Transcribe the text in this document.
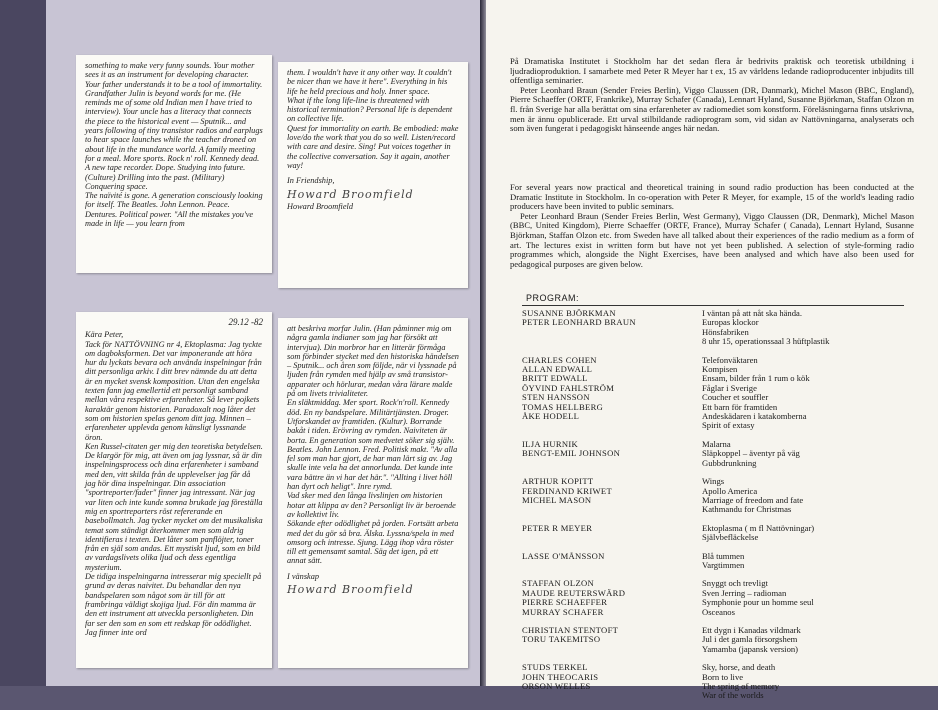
something to make very funny sounds. Your mother sees it as an instrument for developing character. Your father understands it to be a tool of immortality. Grandfather Julin is beyond words for me. (He reminds me of some old Indian men I have tried to interview). Your uncle has a literacy that connects the piece to the historical event — Sputnik... and years following of tiny transistor radios and earplugs to hear space launches while the teacher droned on about life in the mundance world. A family meeting for a meal. More sports. Rock n' roll. Kennedy dead. A new tape recorder. Dope. Studying into future. (Culture) Drilling into the past. (Military) Conquering space.

The naïvité is gone. A generation consciously looking for itself. The Beatles. John Lennon. Peace. Dentures. Political power. "All the mistakes you've made in life — you learn from

them. I wouldn't have it any other way. It couldn't be nicer than we have it here". Everything in his life he held precious and holy. Inner space.

What if the long life-line is threatened with historical termination? Personal life is dependent on collective life.

Quest for immortality on earth. Be embodied: make love/do the work that you do so well. Listen/record with care and desire. Sing! Put voices together in the collective conversation. Say it again, another way!

In Friendship,

Howard Broomfield

Howard Broomfield

29.12 -82

Kära Peter,

Tack för NATTÖVNING nr 4, Ektoplasma: Jag tyckte om dagboksformen. Det var imponerande att höra hur du lyckats bevara och använda inspelningar från ditt personliga arkiv. I ditt brev nämnde du att detta är en mycket svensk komposition. Utan den engelska texten fann jag emellertid ett personligt samband mellan våra respektive erfarenheter. Så lever pojkets karaktär genom historien. Paradoxalt nog låter det som om historien spelas genom ditt jag. Minnen – erfarenheter upplevda genom känsligt lyssnande öron.

Ken Russel-citaten ger mig den teoretiska betydelsen. De klargör för mig, att även om jag lyssnar, så är din inspelningsprocess och dina erfarenheter i samband med den, vitt skilda från de upplevelser jag får då jag hör dina inspelningar. Din association "sportreporter/fader" finner jag intressant. När jag var liten och inte kunde somna brukade jag föreställa mig en sportreporters röst refererande en basebollmatch. Jag tycker mycket om det musikaliska temat som ständigt återkommer men som aldrig identifieras i texten. Det låter som panflöjter, toner från en själ som andas. Ett mystiskt ljud, som en bild av vardagslivets olika ljud och dess egentliga mysterium.

De tidiga inspelningarna intresserar mig speciellt på grund av deras naivitet. Du behandlar den nya bandspelaren som något som är till för att frambringa väldigt skojiga ljud. För din mamma är den ett instrument att utveckla personligheten. Din far ser den som en som ett redskap för odödlighet. Jag finner inte ord

att beskriva morfar Julin. (Han påminner mig om några gamla indianer som jag har försökt att intervjua). Din morbror har en litterär förmåga som förbinder stycket med den historiska händelsen – Sputnik... och åren som följde, när vi lyssnade på ljuden från rymden med hjälp av små transistor-apparater och hörlurar, medan våra lärare malde på om livets trivialiteter.

En släktmiddag. Mer sport. Rock'n'roll. Kennedy död. En ny bandspelare. Militärtjänsten. Droger. Utforskandet av framtiden. (Kultur). Borrande bakåt i tiden. Erövring av rymden. Naiviteten är borta. En generation som medvetet söker sig själv. Beatles. John Lennon. Fred. Politisk makt. "Av alla fel som man har gjort, de har man lärt sig av. Jag skulle inte vela ha det annorlunda. Det kunde inte vara bättre än vi har det här.". "Allting i livet höll han dyrt och heligt". Inre rymd.

Vad sker med den långa livslinjen om historien hotar att klippa av den? Personligt liv är beroende av kollektivt liv.

Sökande efter odödlighet på jorden. Fortsätt arbeta med det du gör så bra. Älska. Lyssna/spela in med omsorg och intresse. Sjung. Lägg ihop våra röster till ett gemensamt samtal. Säg det igen, på ett annat sätt.

I vänskap

Howard Broomfield
På Dramatiska Institutet i Stockholm har det sedan flera år bedrivits praktisk och teoretisk utbildning i ljudradioproduktion. I samarbete med Peter R Meyer har t ex, 15 av världens ledande radioproducenter inbjudits till offentliga seminarier.
Peter Leonhard Braun (Sender Freies Berlin), Viggo Claussen (DR, Danmark), Michel Mason (BBC, England), Pierre Schaeffer (ORTF, Frankrike), Murray Schafer (Canada), Lennart Hyland, Susanne Björkman, Staffan Olzon m fl. från Sverige har alla berättat om sina erfarenheter av radiomediet som konstform. Föreläsningarna finns utskrivna, men är ännu opublicerade. Ett urval stilbildande radioprogram som, vid sidan av Nattövningarna, analyserats och som även fungerat i pedagogiskt hänseende anges här nedan.
For several years now practical and theoretical training in sound radio production has been conducted at the Dramatic Institute in Stockholm. In co-operation with Peter R Meyer, for example, 15 of the world's leading radio producers have been invited to public seminars.
Peter Leonhard Braun (Sender Freies Berlin, West Germany), Viggo Claussen (DR, Denmark), Michel Mason (BBC, United Kingdom), Pierre Schaeffer (ORTF, France), Murray Schafer ( Canada), Lennart Hyland, Susanne Björkman, Staffan Olzon etc. from Sweden have all talked about their experiences of the radio medium as a form of art. The lectures exist in written form but have not yet been published. A selection of style-forming radio programmes which, alongside the Night Exercises, have been analysed and which have also been used for pedagogical purposes are given below.
PROGRAM:
SUSANNE BJÖRKMAN
PETER LEONHARD BRAUN
I väntan på att nåt ska hända.
Europas klockor
Hönsfabriken
8 uhr 15, operationssaal 3 hüftplastik
CHARLES COHEN
ALLAN EDWALL
BRITT EDWALL
ÖYVIND FAHLSTRÖM
STEN HANSSON
TOMAS HELLBERG
ÅKE HODELL
Telefonväktaren
Kompisen
Ensam, bilder från 1 rum o kök
Fåglar i Sverige
Coucher et souffler
Ett barn för framtiden
Andeskädaren i katakomberna
Spirit of extasy
ILJA HURNIK
BENGT-EMIL JOHNSON
Malarna
Släpkoppel – äventyr på väg
Gubbdrunkning
ARTHUR KOPITT
FERDINAND KRIWET
MICHEL MASON
Wings
Apollo America
Marriage of freedom and fate
Kathmandu for Christmas
PETER R MEYER	Ektoplasma ( m fl Nattövningar)
Självbefläckelse
LASSE O'MÅNSSON	Blå tummen
Vargtimmen
STAFFAN OLZON
MAUDE REUTERSWÄRD
PIERRE SCHAEFFER
MURRAY SCHAFER
Snyggt och trevligt
Sven Jerring – radioman
Symphonie pour un homme seul
Osceanos
CHRISTIAN STENTOFT
TORU TAKEMITSO
Ett dygn i Kanadas vildmark
Jul i det gamla försorgshem
Yamamba (japansk version)
STUDS TERKEL
JOHN THEOCARIS
ORSON WELLES
Sky, horse, and death
Born to live
The spring of memory
War of the worlds
